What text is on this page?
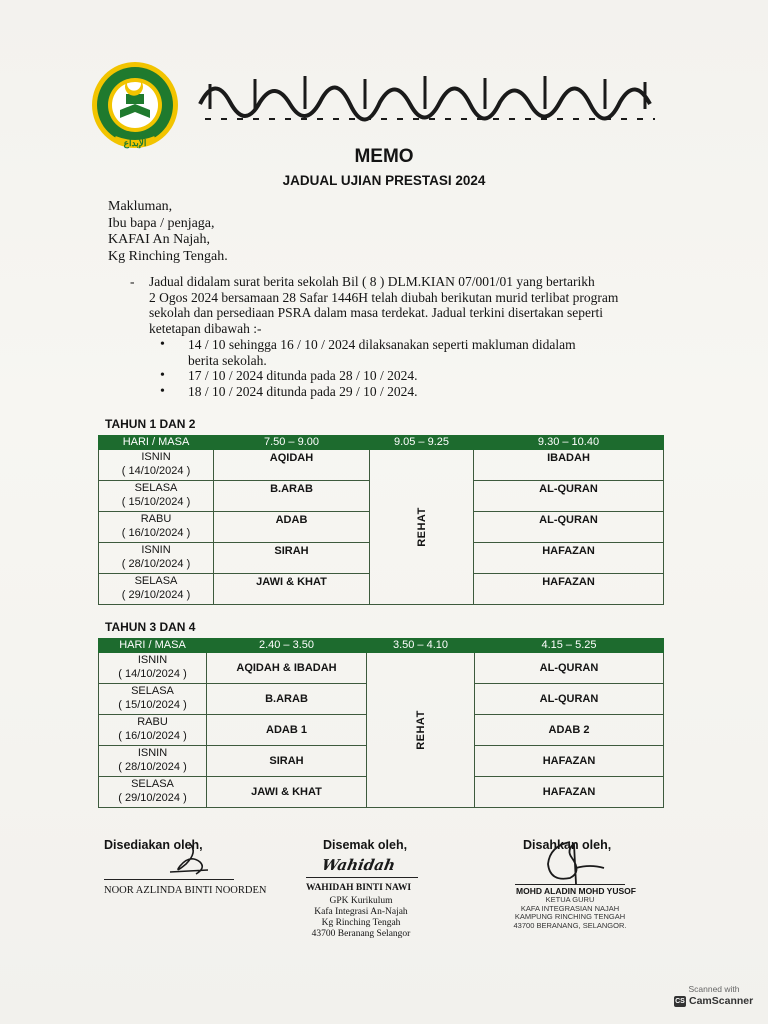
الإبداع
MEMO
JADUAL UJIAN PRESTASI 2024
Makluman,
Ibu bapa / penjaga,
KAFAI An Najah,
Kg Rinching Tengah.
- Jadual didalam surat berita sekolah Bil ( 8 ) DLM.KIAN 07/001/01 yang bertarikh
2 Ogos 2024 bersamaan 28 Safar 1446H telah diubah berikutan murid terlibat program
sekolah dan persediaan PSRA dalam masa terdekat. Jadual terkini disertakan seperti
ketetapan dibawah :-
• 14 / 10 sehingga 16 / 10 / 2024 dilaksanakan seperti makluman didalam
berita sekolah.
• 17 / 10 / 2024 ditunda pada 28 / 10 / 2024.
• 18 / 10 / 2024 ditunda pada 29 / 10 / 2024.
TAHUN 1 DAN 2
HARI / MASA	7.50 – 9.00	9.05 – 9.25	9.30 – 10.40

ISNIN
( 14/10/2024 )	AQIDAH	REHAT	IBADAH

SELASA
( 15/10/2024 )	B.ARAB		AL-QURAN

RABU
( 16/10/2024 )	ADAB		AL-QURAN

ISNIN
( 28/10/2024 )	SIRAH		HAFAZAN

SELASA
( 29/10/2024 )	JAWI & KHAT		HAFAZAN
TAHUN 3 DAN 4
HARI / MASA	2.40 – 3.50	3.50 – 4.10	4.15 – 5.25

ISNIN
( 14/10/2024 )	AQIDAH & IBADAH	REHAT	AL-QURAN

SELASA
( 15/10/2024 )	B.ARAB		AL-QURAN

RABU
( 16/10/2024 )	ADAB 1		ADAB 2

ISNIN
( 28/10/2024 )	SIRAH		HAFAZAN

SELASA
( 29/10/2024 )	JAWI & KHAT		HAFAZAN
Disediakan oleh,
NOOR AZLINDA BINTI NOORDEN
Disemak oleh,
Wahidah
WAHIDAH BINTI NAWI
GPK Kurikulum
Kafa Integrasi An-Najah
Kg Rinching Tengah
43700 Beranang Selangor
Disahkan oleh,
MOHD ALADIN MOHD YUSOF
KETUA GURU
KAFA INTEGRASIAN NAJAH
KAMPUNG RINCHING TENGAH
43700 BERANANG, SELANGOR.
Scanned with
CS CamScanner
